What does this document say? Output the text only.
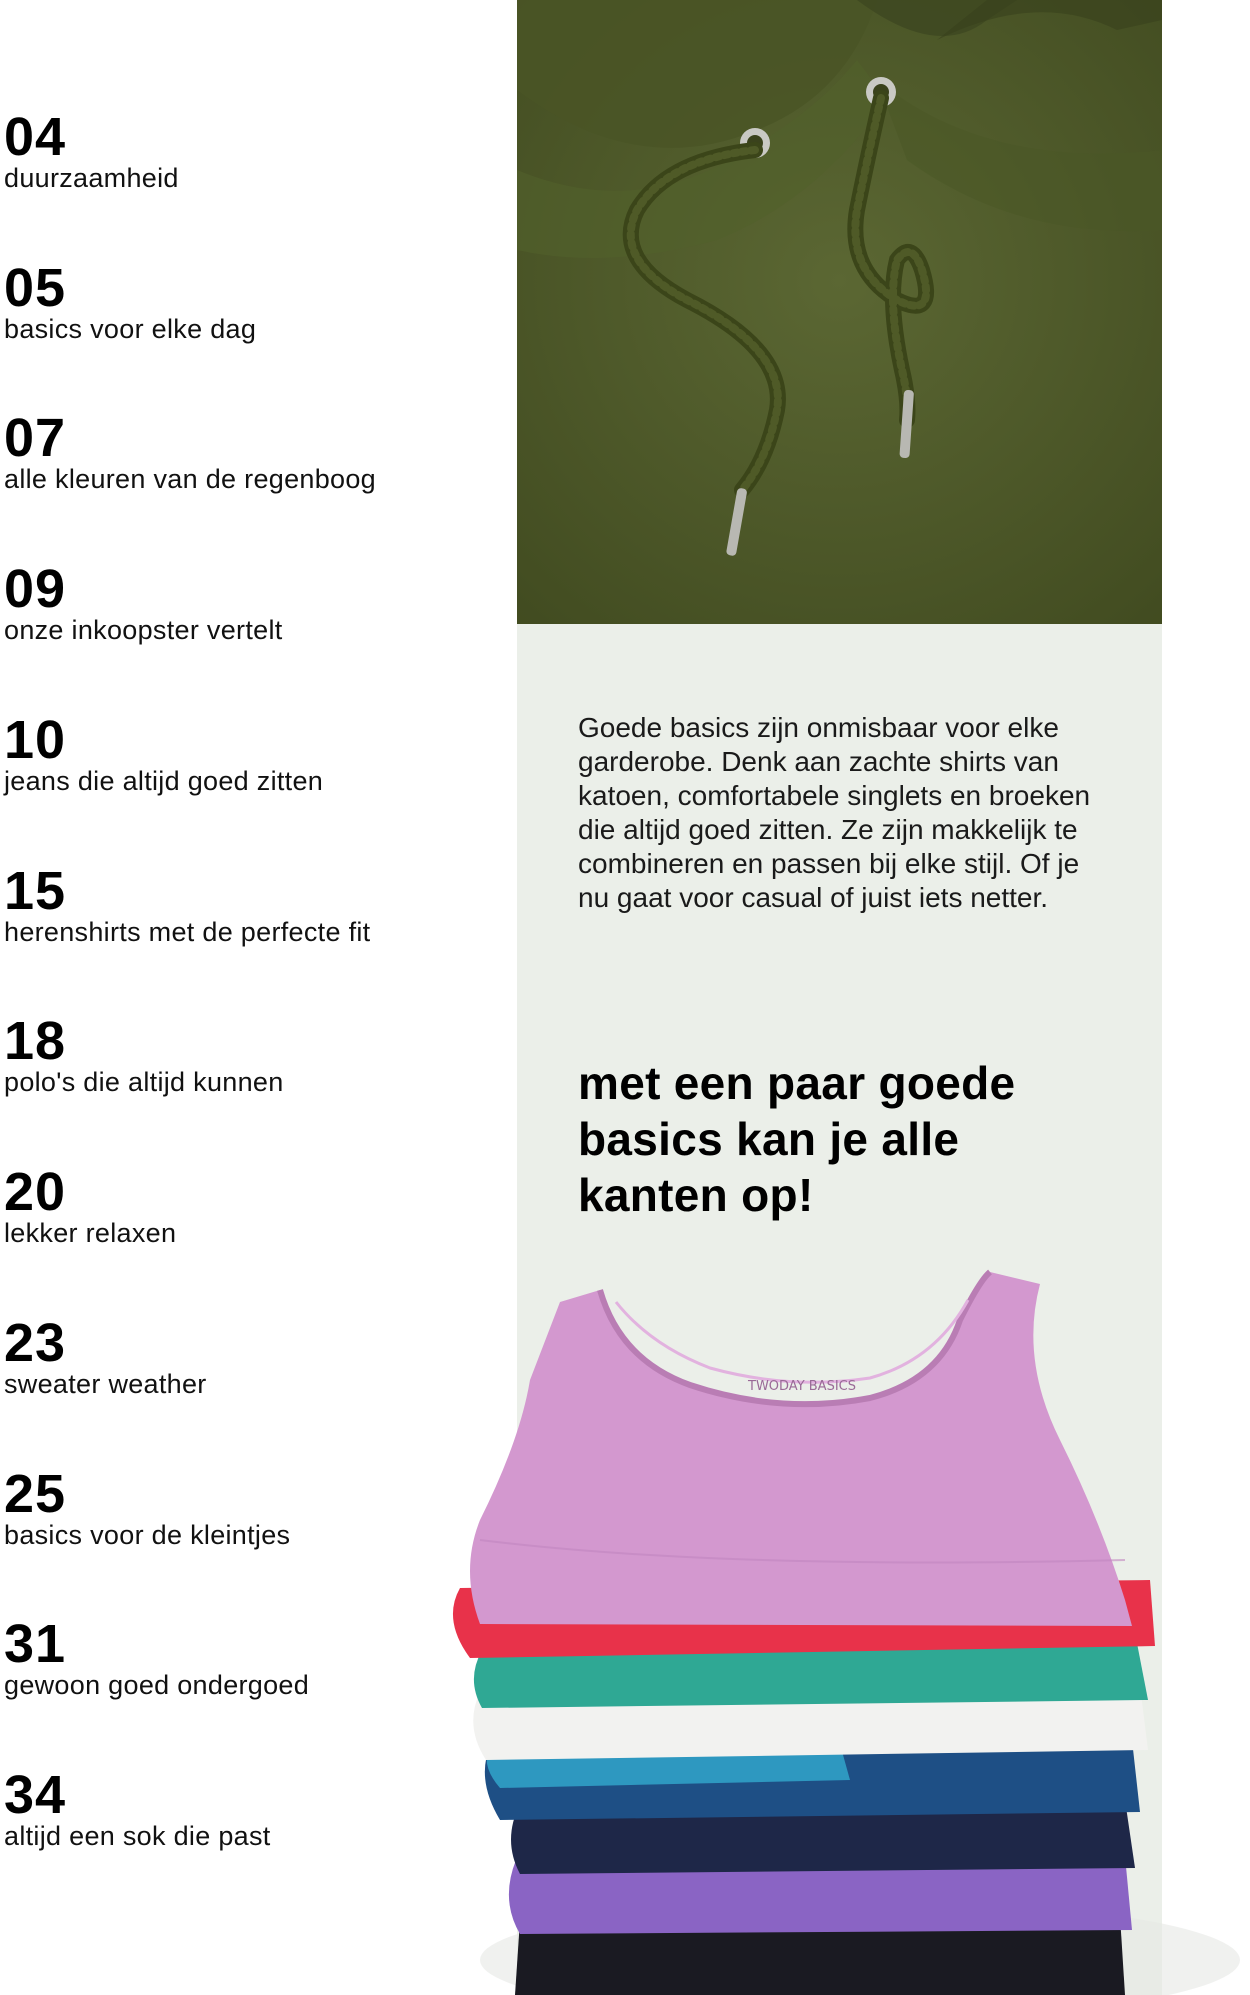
04
duurzaamheid
05
basics voor elke dag
07
alle kleuren van de regenboog
09
onze inkoopster vertelt
10
jeans die altijd goed zitten
15
herenshirts met de perfecte fit
18
polo's die altijd kunnen
20
lekker relaxen
23
sweater weather
25
basics voor de kleintjes
31
gewoon goed ondergoed
34
altijd een sok die past
Goede basics zijn onmisbaar voor elke garderobe. Denk aan zachte shirts van katoen, comfortabele singlets en broeken die altijd goed zitten. Ze zijn makkelijk te combineren en passen bij elke stijl. Of je nu gaat voor casual of juist iets netter.
met een paar goede basics kan je alle kanten op!
TWODAY BASICS
